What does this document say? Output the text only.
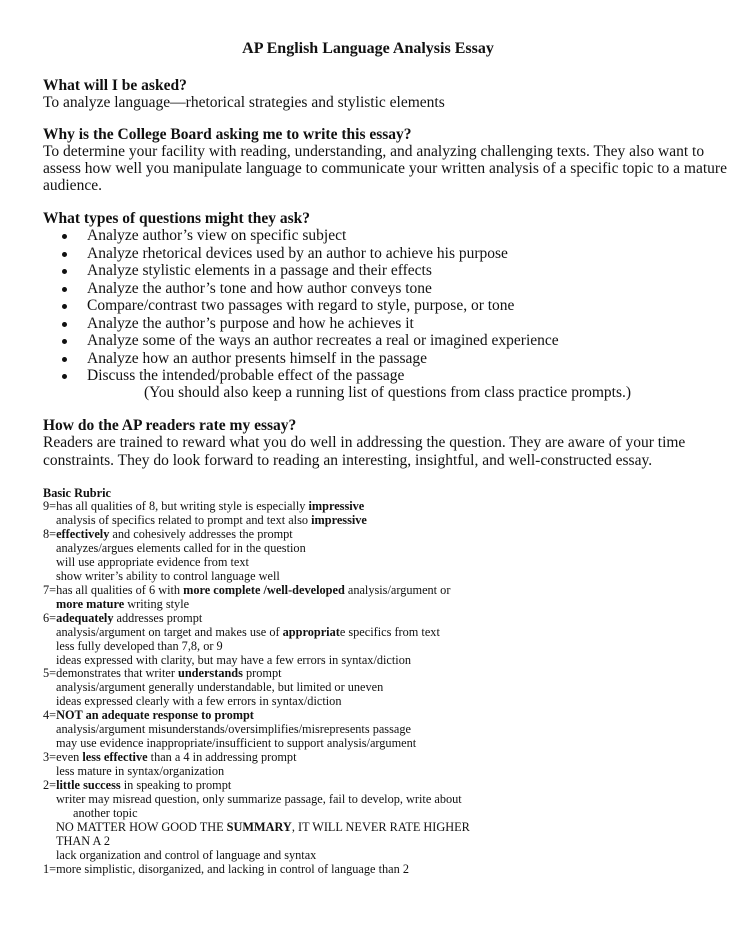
AP English Language Analysis Essay
What will I be asked?
To analyze language—rhetorical strategies and stylistic elements
Why is the College Board asking me to write this essay?
To determine your facility with reading, understanding, and analyzing challenging texts. They also want to
assess how well you manipulate language to communicate your written analysis of a specific topic to a mature
audience.
What types of questions might they ask?
Analyze author’s view on specific subject
Analyze rhetorical devices used by an author to achieve his purpose
Analyze stylistic elements in a passage and their effects
Analyze the author’s tone and how author conveys tone
Compare/contrast two passages with regard to style, purpose, or tone
Analyze the author’s purpose and how he achieves it
Analyze some of the ways an author recreates a real or imagined experience
Analyze how an author presents himself in the passage
Discuss the intended/probable effect of the passage
(You should also keep a running list of questions from class practice prompts.)
How do the AP readers rate my essay?
Readers are trained to reward what you do well in addressing the question. They are aware of your time
constraints. They do look forward to reading an interesting, insightful, and well-constructed essay.
Basic Rubric
9=has all qualities of 8, but writing style is especially impressive
analysis of specifics related to prompt and text also impressive
8=effectively and cohesively addresses the prompt
analyzes/argues elements called for in the question
will use appropriate evidence from text
show writer’s ability to control language well
7=has all qualities of 6 with more complete /well-developed analysis/argument or
more mature writing style
6=adequately addresses prompt
analysis/argument on target and makes use of appropriate specifics from text
less fully developed than 7,8, or 9
ideas expressed with clarity, but may have a few errors in syntax/diction
5=demonstrates that writer understands prompt
analysis/argument generally understandable, but limited or uneven
ideas expressed clearly with a few errors in syntax/diction
4=NOT an adequate response to prompt
analysis/argument misunderstands/oversimplifies/misrepresents passage
may use evidence inappropriate/insufficient to support analysis/argument
3=even less effective than a 4 in addressing prompt
less mature in syntax/organization
2=little success in speaking to prompt
writer may misread question, only summarize passage, fail to develop, write about
another topic
NO MATTER HOW GOOD THE SUMMARY, IT WILL NEVER RATE HIGHER
THAN A 2
lack organization and control of language and syntax
1=more simplistic, disorganized, and lacking in control of language than 2
